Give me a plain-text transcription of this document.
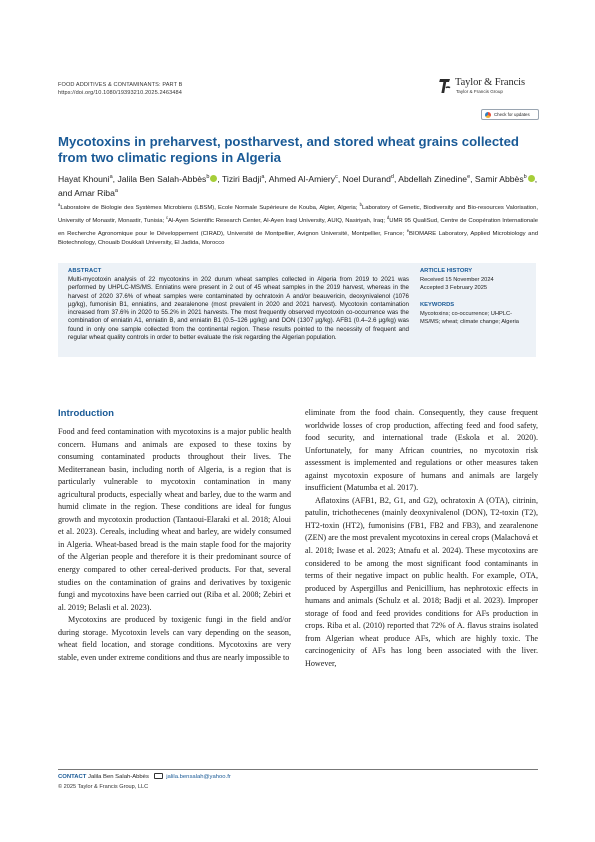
FOOD ADDITIVES & CONTAMINANTS: PART B
https://doi.org/10.1080/19393210.2025.2463484
Taylor & Francis
Taylor & Francis Group
Check for updates
Mycotoxins in preharvest, postharvest, and stored wheat grains collected from two climatic regions in Algeria
Hayat Khouni$^a$, Jalila Ben Salah-Abbès$^b$ , Tiziri Badji$^a$, Ahmed Al-Amiery$^c$, Noel Durand$^d$, Abdellah Zinedine$^e$, Samir Abbès$^b$ , and Amar Riba$^a$
$^a$Laboratoire de Biologie des Systèmes Microbiens (LBSM), Ecole Normale Supérieure de Kouba, Algier, Algeria; $^b$Laboratory of Genetic, Biodiversity and Bio-resources Valorisation, University of Monastir, Monastir, Tunisia; $^c$Al-Ayen Scientific Research Center, Al-Ayen Iraqi University, AUIQ, Nasiriyah, Iraq; $^d$UMR 95 QualiSud, Centre de Coopération Internationale en Recherche Agronomique pour le Développement (CIRAD), Université de Montpellier, Avignon Université, Montpellier, France; $^e$BIOMARE Laboratory, Applied Microbiology and Biotechnology, Chouaib Doukkali University, El Jadida, Morocco
ABSTRACT
Multi-mycotoxin analysis of 22 mycotoxins in 202 durum wheat samples collected in Algeria from 2019 to 2021 was performed by UHPLC-MS/MS. Enniatins were present in 2 out of 45 wheat samples in the 2019 harvest, whereas in the harvest of 2020 37.6% of wheat samples were contaminated by ochratoxin A and/or beauvericin, deoxynivalenol (1076 µg/kg), fumonisin B1, enniatins, and zearalenone (most prevalent in 2020 and 2021 harvest). Mycotoxin contamination increased from 37.6% in 2020 to 55.2% in 2021 harvests. The most frequently observed mycotoxin co-occurrence was the combination of enniatin A1, enniatin B, and enniatin B1 (0.5–126 µg/kg) and DON (1307 µg/kg). AFB1 (0.4–2.6 µg/kg) was found in only one sample collected from the continental region. These results pointed to the necessity of frequent and regular wheat quality controls in order to better evaluate the risk regarding the Algerian population.
ARTICLE HISTORY
Received 15 November 2024
Accepted 3 February 2025
KEYWORDS
Mycotoxins; co-occurrence; UHPLC-MS/MS; wheat; climate change; Algeria
Introduction

Food and feed contamination with mycotoxins is a major public health concern. Humans and animals are exposed to these toxins by consuming contaminated products throughout their lives. The Mediterranean basin, including north of Algeria, is a region that is particularly vulnerable to mycotoxin contamination in many agricultural products, especially wheat and barley, due to the warm and humid climate in the region. These conditions are ideal for fungus growth and mycotoxin production (Tantaoui-Elaraki et al. 2018; Aloui et al. 2023). Cereals, including wheat and barley, are widely consumed in Algeria. Wheat-based bread is the main staple food for the majority of the Algerian people and therefore it is their predominant source of energy compared to other cereal-derived products. For that, several studies on the contamination of grains and derivatives by toxigenic fungi and mycotoxins have been carried out (Riba et al. 2008; Zebiri et al. 2019; Belasli et al. 2023).

Mycotoxins are produced by toxigenic fungi in the field and/or during storage. Mycotoxin levels can vary depending on the season, wheat field location, and storage conditions. Mycotoxins are very stable, even under extreme conditions and thus are nearly impossible to

eliminate from the food chain. Consequently, they cause frequent worldwide losses of crop production, affecting feed and food safety, food security, and international trade (Eskola et al. 2020). Unfortunately, for many African countries, no mycotoxin risk assessment is implemented and regulations or other measures taken against mycotoxin exposure of humans and animals are largely insufficient (Matumba et al. 2017).

Aflatoxins (AFB1, B2, G1, and G2), ochratoxin A (OTA), citrinin, patulin, trichothecenes (mainly deoxynivalenol (DON), T2-toxin (T2), HT2-toxin (HT2), fumonisins (FB1, FB2 and FB3), and zearalenone (ZEN) are the most prevalent mycotoxins in cereal crops (Malachová et al. 2018; Iwase et al. 2023; Atnafu et al. 2024). These mycotoxins are considered to be among the most significant food contaminants in terms of their negative impact on public health. For example, OTA, produced by Aspergillus and Penicillium, has nephrotoxic effects in humans and animals (Schulz et al. 2018; Badji et al. 2023). Improper storage of food and feed provides conditions for AFs production in crops. Riba et al. (2010) reported that 72% of A. flavus strains isolated from Algerian wheat produce AFs, which are highly toxic. The carcinogenicity of AFs has long been associated with the liver. However,

CONTACT Jalila Ben Salah-Abbès	jalila.bensalah@yahoo.fr
© 2025 Taylor & Francis Group, LLC
